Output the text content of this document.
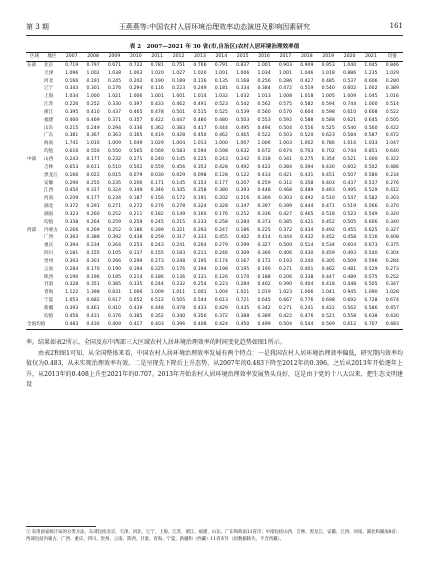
第 3 期	王燕燕等:中国农村人居环境治理效率动态演进及影响因素研究	161
表 2　2007—2021 年 30 省(市,自治区)农村人居环境治理效率值
区域	地区	2007	2008	2009	2010	2011	2012	2013	2014	2015	2016	2017	2018	2019	2020	2021	均值
东部	北京	0.719	0.797	0.671	0.722	0.781	0.751	0.766	0.791	0.837	1.001	0.903	0.909	0.953	1.040	1.045	0.846
	天津	1.096	1.002	1.038	1.003	1.020	1.027	1.020	1.001	1.006	1.034	1.001	1.046	1.018	0.886	1.235	1.029
	河北	0.166	0.191	0.245	0.202	0.190	0.189	0.116	0.135	0.168	0.256	0.286	0.427	0.485	0.537	0.606	0.280
	辽宁	0.343	0.301	0.276	0.294	0.116	0.223	0.249	0.181	0.334	0.384	0.472	0.519	0.540	0.602	1.002	0.389
	上海	1.034	1.000	1.021	1.006	1.001	1.001	1.014	1.032	1.032	1.013	1.008	1.018	1.005	1.009	1.045	1.016
	江苏	0.226	0.252	0.330	0.397	0.433	0.462	0.491	0.523	0.542	0.562	0.575	0.582	0.594	0.744	1.000	0.514
	浙江	0.395	0.410	0.437	0.465	0.478	0.501	0.515	0.525	0.539	0.560	0.570	0.604	0.598	0.610	0.608	0.522
	福建	0.460	0.469	0.371	0.357	0.422	0.447	0.480	0.480	0.503	0.553	0.592	0.588	0.588	0.621	0.645	0.505
	山东	0.215	0.249	0.294	0.336	0.362	0.383	0.417	0.444	0.495	0.494	0.504	0.516	0.525	0.540	0.560	0.422
	广东	0.381	0.367	0.363	0.365	0.419	0.428	0.450	0.462	0.465	0.522	0.503	0.520	0.623	0.584	0.587	0.472
	海南	1.741	1.010	1.009	1.049	1.029	1.004	1.013	1.000	1.007	1.006	1.003	1.002	0.786	1.016	1.033	1.047
	均值	0.616	0.550	0.550	0.565	0.569	0.583	0.594	0.598	0.632	0.672	0.674	0.703	0.702	0.744	0.851	0.640
中部	山西	0.243	0.177	0.232	0.271	0.240	0.145	0.225	0.243	0.242	0.318	0.341	0.275	0.354	0.521	1.000	0.322
	吉林	0.653	0.611	0.510	0.502	0.559	0.456	0.353	0.428	0.492	0.422	0.384	0.394	0.430	0.602	0.502	0.486
	黑龙江	0.166	0.022	0.015	0.079	0.030	0.029	0.098	0.128	0.122	0.433	0.421	0.431	0.451	0.507	0.580	0.234
	安徽	0.290	0.255	0.235	0.206	0.171	0.145	0.153	0.177	0.207	0.259	0.312	0.358	0.403	0.437	0.537	0.276
	江西	0.450	0.317	0.324	0.349	0.346	0.345	0.358	0.380	0.393	0.448	0.468	0.489	0.493	0.495	0.529	0.412
	河南	0.209	0.177	0.234	0.187	0.156	0.172	0.191	0.202	0.216	0.369	0.303	0.492	0.510	0.547	0.582	0.303
	湖北	0.372	0.291	0.271	0.272	0.276	0.278	0.324	0.328	0.347	0.397	0.399	0.444	0.471	0.519	0.566	0.370
	湖南	0.323	0.260	0.252	0.211	0.182	0.149	0.160	0.176	0.252	0.336	0.427	0.465	0.518	0.523	0.549	0.320
	均值	0.338	0.264	0.259	0.259	0.245	0.215	0.233	0.258	0.284	0.373	0.385	0.421	0.452	0.505	0.606	0.340
西部	内蒙古	0.266	0.269	0.252	0.186	0.289	0.321	0.293	0.247	0.186	0.225	0.372	0.434	0.492	0.455	0.625	0.327
	广西	0.363	0.388	0.392	0.438	0.259	0.317	0.333	0.455	0.402	0.414	0.444	0.432	0.452	0.458	0.516	0.408
	重庆	0.394	0.234	0.264	0.253	0.243	0.241	0.264	0.279	0.299	0.327	0.500	0.514	0.534	0.604	0.673	0.375
	四川	0.181	0.155	0.105	0.137	0.155	0.183	0.211	0.246	0.309	0.366	0.406	0.430	0.459	0.493	0.540	0.304
	贵州	0.303	0.301	0.266	0.299	0.273	0.248	0.195	0.174	0.167	0.172	0.193	0.240	0.305	0.509	0.596	0.284
	云南	0.284	0.170	0.190	0.194	0.225	0.176	0.194	0.198	0.195	0.190	0.271	0.401	0.462	0.481	0.529	0.273
	陕西	0.190	0.196	0.195	0.214	0.186	0.136	0.131	0.126	0.170	0.188	0.206	0.338	0.447	0.489	0.575	0.252
	甘肃	0.328	0.351	0.385	0.335	0.244	0.232	0.254	0.223	0.284	0.402	0.390	0.404	0.418	0.448	0.505	0.347
	青海	1.122	1.398	0.831	1.006	1.009	1.011	1.001	1.004	1.021	1.019	1.023	1.006	1.041	0.945	1.090	1.028
	宁夏	1.053	0.682	0.617	0.652	0.512	0.505	0.544	0.613	0.721	0.645	0.667	0.776	0.698	0.692	0.728	0.674
	新疆	0.393	0.461	0.410	0.439	0.446	0.478	0.433	0.429	0.435	0.342	0.271	0.241	0.422	0.562	0.586	0.457
	均值	0.456	0.431	0.376	0.385	0.352	0.340	0.350	0.372	0.388	0.389	0.422	0.476	0.521	0.558	0.638	0.430
全国均值		0.483	0.430	0.409	0.417	0.403	0.396	0.408	0.424	0.450	0.499	0.504	0.544	0.569	0.612	0.707	0.483

率。结果如表2所示。全国及东中西部三大区域农村人居环境治理效率的时间变化趋势如图1所示。

由表2和图1可知，从全国整体来看，中国农村人居环境治理效率发展有两个特点：一是我国农村人居环境治理效率偏低，研究期内效率均值仅为0.483，从未实现治理效率有效。二是呈现先下降后上升态势，从2007年的0.483下降至2012年的0.396，之后从2013年开始逐年上升，从2013年的0.408上升至2021年的0.707。2013年开始农村人居环境治理效率发展势头良好，这是由于党的十八大以来，把生态文明建设

① 采用国家统计局的分类方法，东部包括北京、天津、河北、辽宁、上海、江苏、浙江、福建、山东、广东和海南11省市；中部包括山西、吉林、黑龙江、安徽、江西、河南、湖北和湖南8省；西部包括内蒙古、广西、重庆、四川、贵州、云南、陕西、甘肃、青海、宁夏、新疆和（西藏）11省市区（因数据缺失，不含西藏）。
